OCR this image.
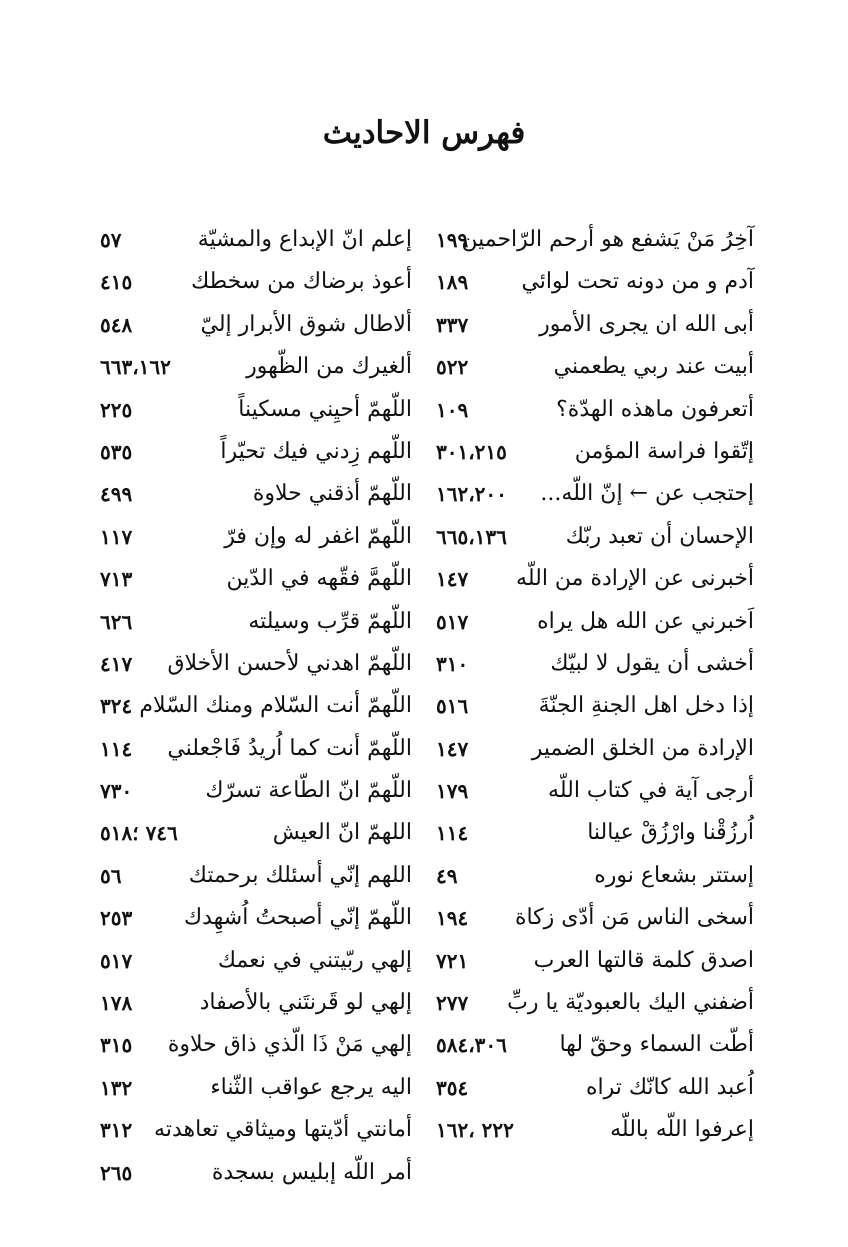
فهرس الاحاديث
آخِرُ مَنْ يَشفع هو أرحم الرّاحمين
١٩٩
آدم و من دونه تحت لوائي
١٨٩
أبى الله ان يجرى الأمور
٣٣٧
أبيت عند ربي يطعمني
٥٢٢
أتعرفون ماهذه الهدّة؟
١٠٩
إتّقوا فراسة المؤمن
٣٠١،٢١٥
إحتجب عن ← إنّ اللّه...
١٦٢،٢٠٠
الإحسان أن تعبد ربّك
٦٦٥،١٣٦
أخبرنى عن الإرادة من اللّه
١٤٧
اَخبرني عن الله هل يراه
٥١٧
أخشى أن يقول لا لبيّك
٣١٠
إذا دخل اهل الجنةِ الجنّةَ
٥١٦
الإرادة من الخلق الضمير
١٤٧
أرجى آية في كتاب اللّه
١٧٩
اُرزُقْنا وارْزُقْ عيالنا
١١٤
إستتر بشعاع نوره
٤٩
أسخى الناس مَن أدّى زكاة
١٩٤
اصدق كلمة قالتها العرب
٧٢١
أضفني اليك بالعبوديّة يا ربِّ
٢٧٧
أطّت السماء وحقّ لها
٥٨٤،٣٠٦
اُعبد الله كانّك تراه
٣٥٤
إعرفوا اللّه باللّه
٢٢٢ ،١٦٢
إعلم انّ الإبداع والمشيّة
٥٧
أعوذ برضاك من سخطك
٤١٥
ألاطال شوق الأبرار إليّ
٥٤٨
ألغيرك من الظّهور
٦٦٣،١٦٢
اللّهمّ أحيِني مسكيناً
٢٢٥
اللّهم زِدني فيك تحيّراً
٥٣٥
اللّهمّ أذقني حلاوة
٤٩٩
اللّهمّ اغفر له وإن فرّ
١١٧
اللّهمَّ فقّهه في الدّين
٧١٣
اللّهمّ قرِّب وسيلته
٦٢٦
اللّهمّ اهدني لأحسن الأخلاق
٤١٧
اللّهمّ أنت السّلام ومنك السّلام
٣٢٤
اللّهمّ أنت كما اُريدُ فَاجْعلني
١١٤
اللّهمّ انّ الطّاعة تسرّك
٧٣٠
اللهمّ انّ العيش
٧٤٦ ؛٥١٨
اللهم إنّي أسئلك برحمتك
٥٦
اللّهمّ إنّي أصبحتُ اُشهِدك
٢٥٣
إلهي ربّيتني في نعمك
٥١٧
إلهي لو قَرنتَني بالأصفاد
١٧٨
إلهي مَنْ ذَا الّذي ذاق حلاوة
٣١٥
اليه يرجع عواقب الثّناء
١٣٢
أمانتي أدّيتها وميثاقي تعاهدته
٣١٢
أمر اللّه إبليس بسجدة
٢٦٥
